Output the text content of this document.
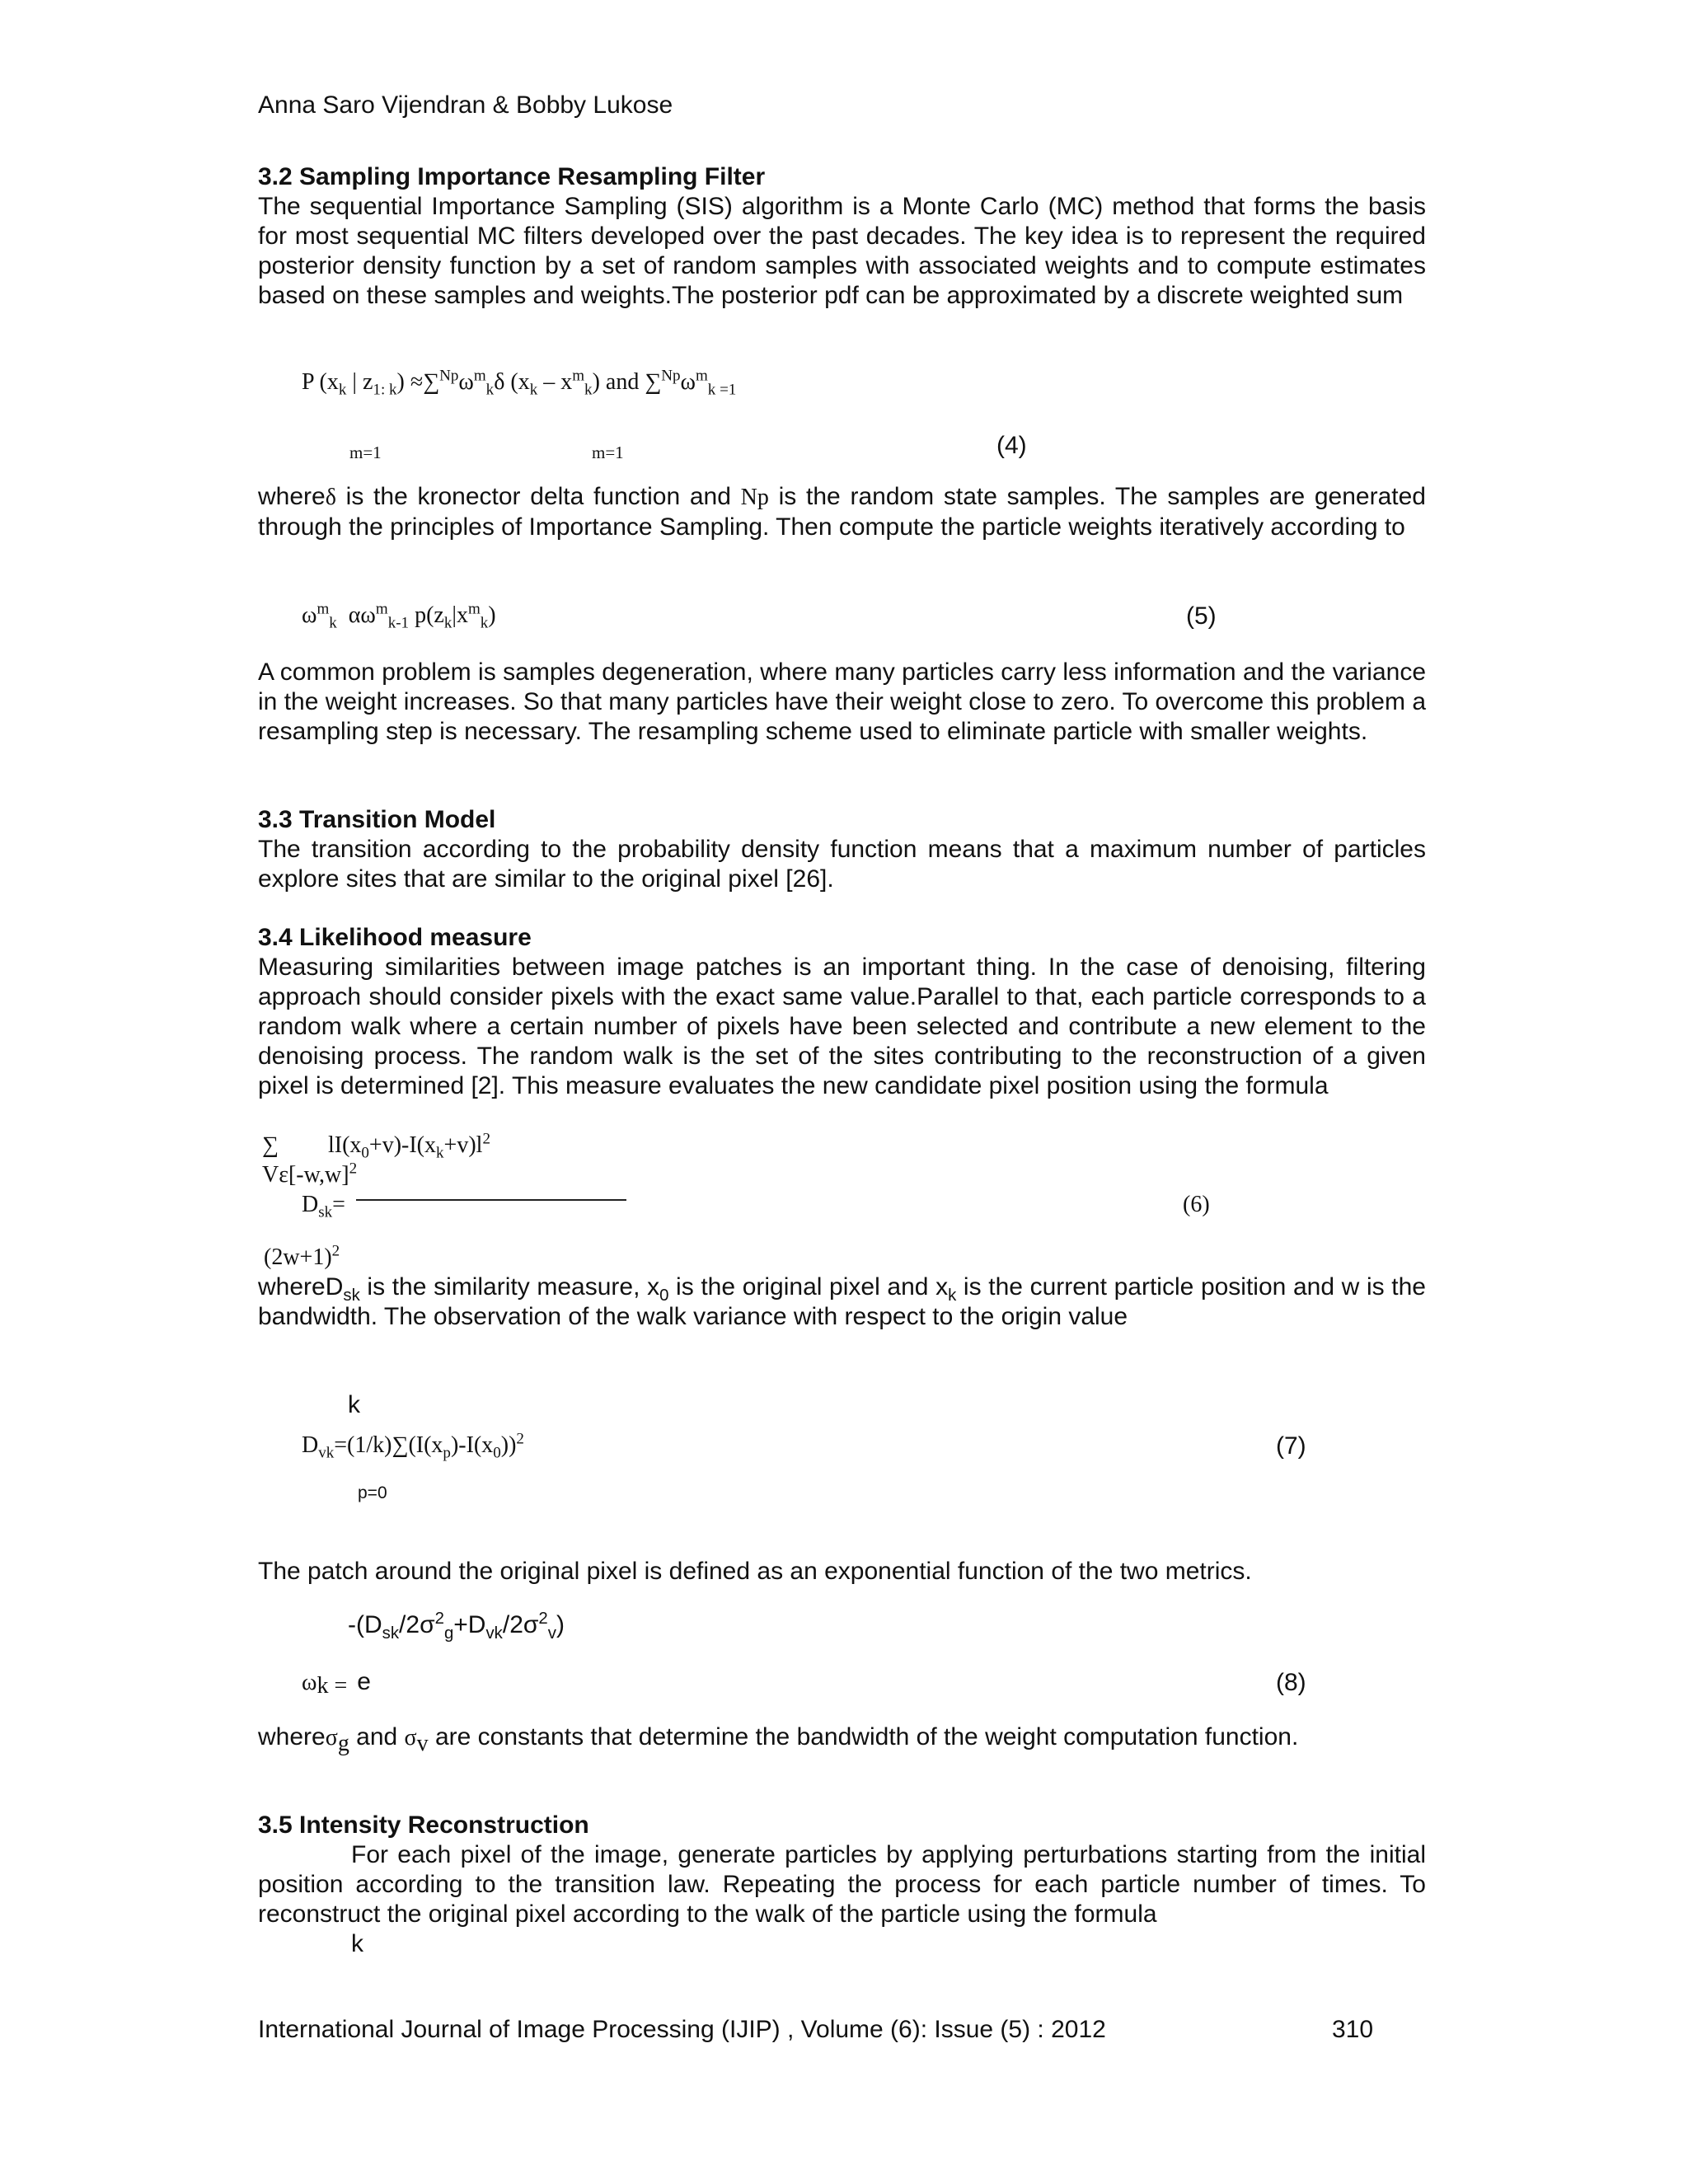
Anna Saro Vijendran & Bobby Lukose
3.2 Sampling Importance Resampling Filter
The sequential Importance Sampling (SIS) algorithm is a Monte Carlo (MC) method that forms the basis for most sequential MC filters developed over the past decades. The key idea is to represent the required posterior density function by a set of random samples with associated weights and to compute estimates based on these samples and weights.The posterior pdf can be approximated by a discrete weighted sum
P ($x_k$ | $z_{1: k}) \approx\sum^{Np}\omega^m_k\delta$ $(x_k - x^m_k)$ and $\sum^{Np}\omega^m_{k =1}$
m=1	m=1	(4)
whereδ is the kronector delta function and Np is the random state samples. The samples are generated through the principles of Importance Sampling. Then compute the particle weights iteratively according to
$\omega^m_k$ $\alpha\omega^m_{k-1}$ $p(z_k|x^m_k)$	(5)
A common problem is samples degeneration, where many particles carry less information and the variance in the weight increases. So that many particles have their weight close to zero. To overcome this problem a resampling step is necessary. The resampling scheme used to eliminate particle with smaller weights.
3.3 Transition Model
The transition according to the probability density function means that a maximum number of particles explore sites that are similar to the original pixel [26].
3.4 Likelihood measure
Measuring similarities between image patches is an important thing. In the case of denoising, filtering approach should consider pixels with the exact same value.Parallel to that, each particle corresponds to a random walk where a certain number of pixels have been selected and contribute a new element to the denoising process. The random walk is the set of the sites contributing to the reconstruction of a given pixel is determined [2]. This measure evaluates the new candidate pixel position using the formula
∑ $lI(x_0+v)-I(x_k+v)l^2$
$V\varepsilon[-w,w]^2$
$D_{sk}=$	(6)
$(2w+1)^2$
whereD$_{sk}$ is the similarity measure, $x_0$ is the original pixel and $x_k$ is the current particle position and w is the bandwidth. The observation of the walk variance with respect to the origin value
k
$D_{vk}=(1/k)\sum(I(x_p)-I(x_0))^2$
p=0
(7)
The patch around the original pixel is defined as an exponential function of the two metrics.
$-(D_{sk}/2\sigma^2_g+D_{vk}/2\sigma^2_v)$
$\omega_{k =}$ e	(8)
whereσ$_g$ and $\sigma_v$ are constants that determine the bandwidth of the weight computation function.
3.5 Intensity Reconstruction
For each pixel of the image, generate particles by applying perturbations starting from the initial position according to the transition law. Repeating the process for each particle number of times. To reconstruct the original pixel according to the walk of the particle using the formula
k
International Journal of Image Processing (IJIP) , Volume (6): Issue (5) : 2012	310
